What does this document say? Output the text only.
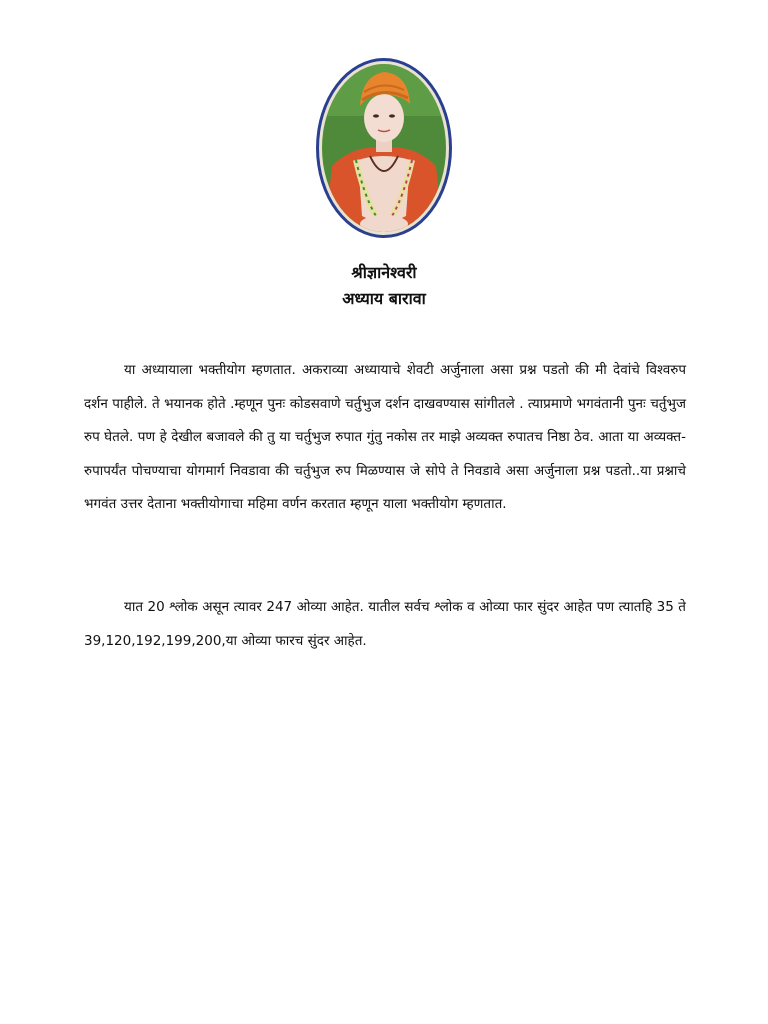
श्रीज्ञानेश्वरी
अध्याय बारावा

या अध्यायाला भक्तीयोग म्हणतात. अकराव्या अध्यायाचे शेवटी अर्जुनाला असा प्रश्न पडतो की मी देवांचे विश्वरुप दर्शन पाहीले. ते भयानक होते .म्हणून पुनः कोडसवाणे चर्तुभुज दर्शन दाखवण्यास सांगीतले . त्याप्रमाणे भगवंतानी पुनः चर्तुभुज रुप घेतले. पण हे देखील बजावले की तु या चर्तुभुज रुपात गुंतु नकोस तर माझे अव्यक्त रुपातच निष्ठा ठेव. आता या अव्यक्त-रुपापर्यंत पोचण्याचा योगमार्ग निवडावा की चर्तुभुज रुप मिळण्यास जे सोपे ते निवडावे असा अर्जुनाला प्रश्न पडतो..या प्रश्नाचे भगवंत उत्तर देताना भक्तीयोगाचा महिमा वर्णन करतात म्हणून याला भक्तीयोग म्हणतात.

यात 20 श्लोक असून त्यावर 247 ओव्या आहेत. यातील सर्वच श्लोक व ओव्या फार सुंदर आहेत पण त्यातहि 35 ते 39,120,192,199,200,या ओव्या फारच सुंदर आहेत.
